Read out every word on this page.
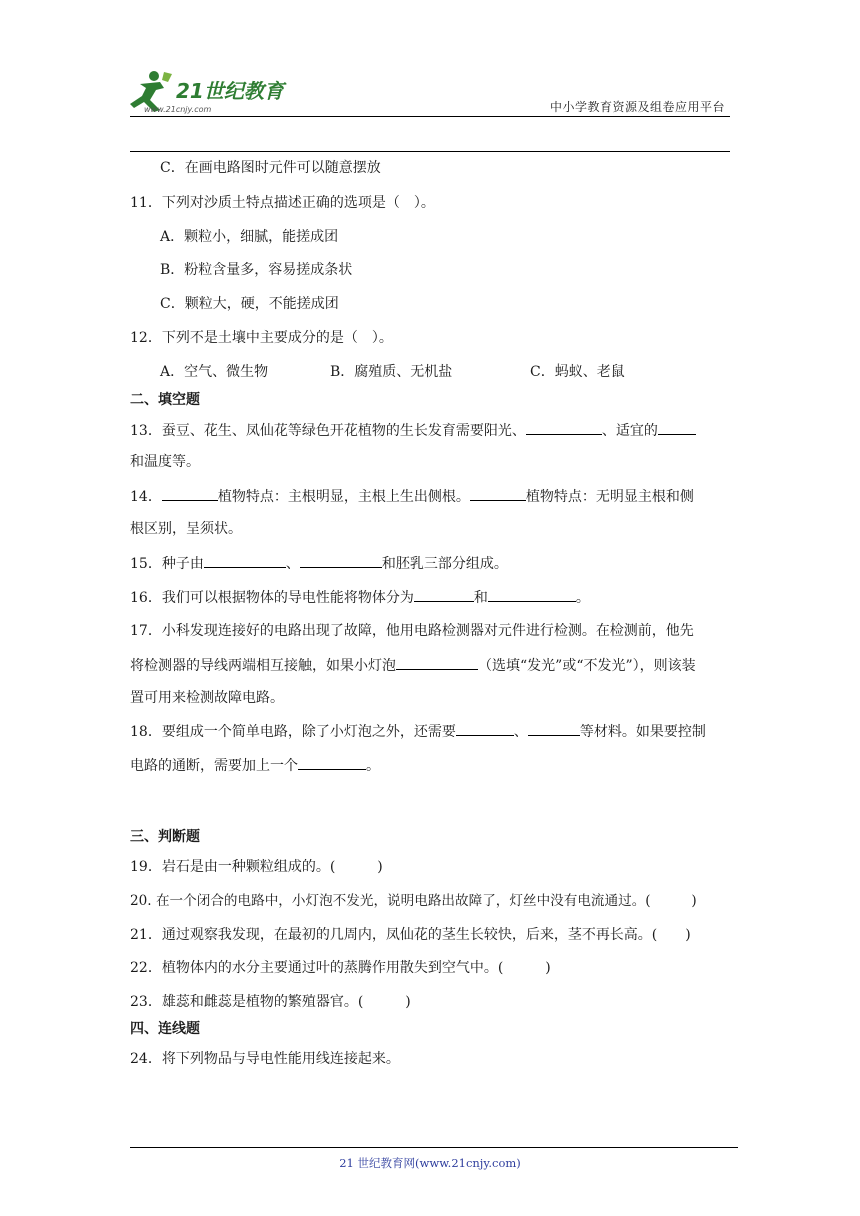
21世纪教育
www.21cnjy.com	中小学教育资源及组卷应用平台
C．在画电路图时元件可以随意摆放
11．下列对沙质土特点描述正确的选项是（　）。
A．颗粒小，细腻，能搓成团
B．粉粒含量多，容易搓成条状
C．颗粒大，硬，不能搓成团
12．下列不是土壤中主要成分的是（　）。
A．空气、微生物	B．腐殖质、无机盐	C．蚂蚁、老鼠
二、填空题
13．蚕豆、花生、凤仙花等绿色开花植物的生长发育需要阳光、	、适宜的
和温度等。
14．	植物特点：主根明显，主根上生出侧根。	植物特点：无明显主根和侧
根区别，呈须状。
15．种子由	、	和胚乳三部分组成。
16．我们可以根据物体的导电性能将物体分为	和	。
17．小科发现连接好的电路出现了故障，他用电路检测器对元件进行检测。在检测前，他先
将检测器的导线两端相互接触，如果小灯泡	（选填“发光”或“不发光”），则该装
置可用来检测故障电路。
18．要组成一个简单电路，除了小灯泡之外，还需要	、	等材料。如果要控制
电路的通断，需要加上一个	。
三、判断题
19．岩石是由一种颗粒组成的。(　　　)
20. 在一个闭合的电路中，小灯泡不发光，说明电路出故障了，灯丝中没有电流通过。(　　　)
21．通过观察我发现，在最初的几周内，凤仙花的茎生长较快，后来，茎不再长高。(　　)
22．植物体内的水分主要通过叶的蒸腾作用散失到空气中。(　　　)
23．雄蕊和雌蕊是植物的繁殖器官。(　　　)
四、连线题
24．将下列物品与导电性能用线连接起来。
21 世纪教育网(www.21cnjy.com)
